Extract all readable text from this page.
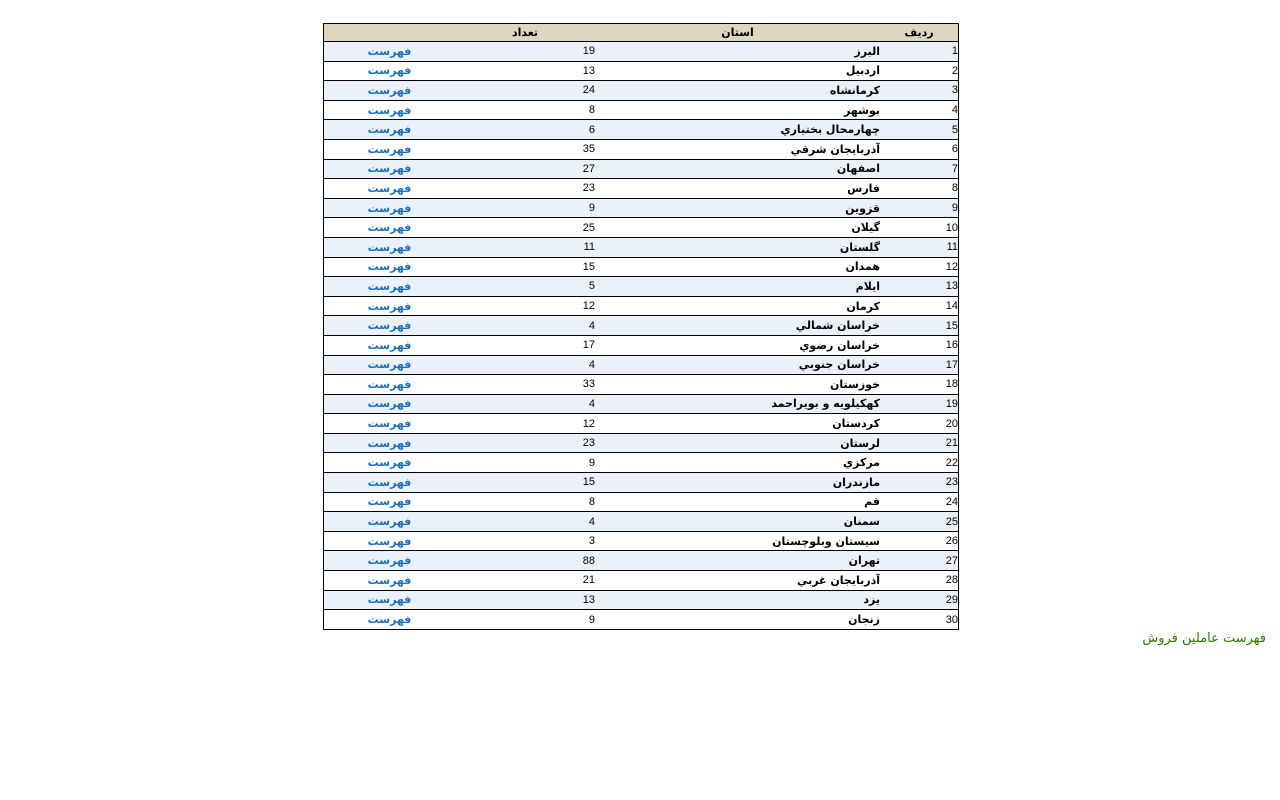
رديف	استان	تعداد	
1	البرز	19	فهرست
2	اردبيل	13	فهرست
3	كرمانشاه	24	فهرست
4	بوشهر	8	فهرست
5	چهارمحال بختياري	6	فهرست
6	آذربايجان شرقي	35	فهرست
7	اصفهان	27	فهرست
8	فارس	23	فهرست
9	قزوين	9	فهرست
10	گيلان	25	فهرست
11	گلستان	11	فهرست
12	همدان	15	فهرست
13	ايلام	5	فهرست
14	كرمان	12	فهرست
15	خراسان شمالي	4	فهرست
16	خراسان رضوي	17	فهرست
17	خراسان جنوبي	4	فهرست
18	خوزستان	33	فهرست
19	كهكيلويه و بويراحمد	4	فهرست
20	كردستان	12	فهرست
21	لرستان	23	فهرست
22	مركزي	9	فهرست
23	مازندران	15	فهرست
24	قم	8	فهرست
25	سمنان	4	فهرست
26	سيستان وبلوچستان	3	فهرست
27	تهران	88	فهرست
28	آذربايجان غربي	21	فهرست
29	يزد	13	فهرست
30	زنجان	9	فهرست
فهرست عاملين فروش
